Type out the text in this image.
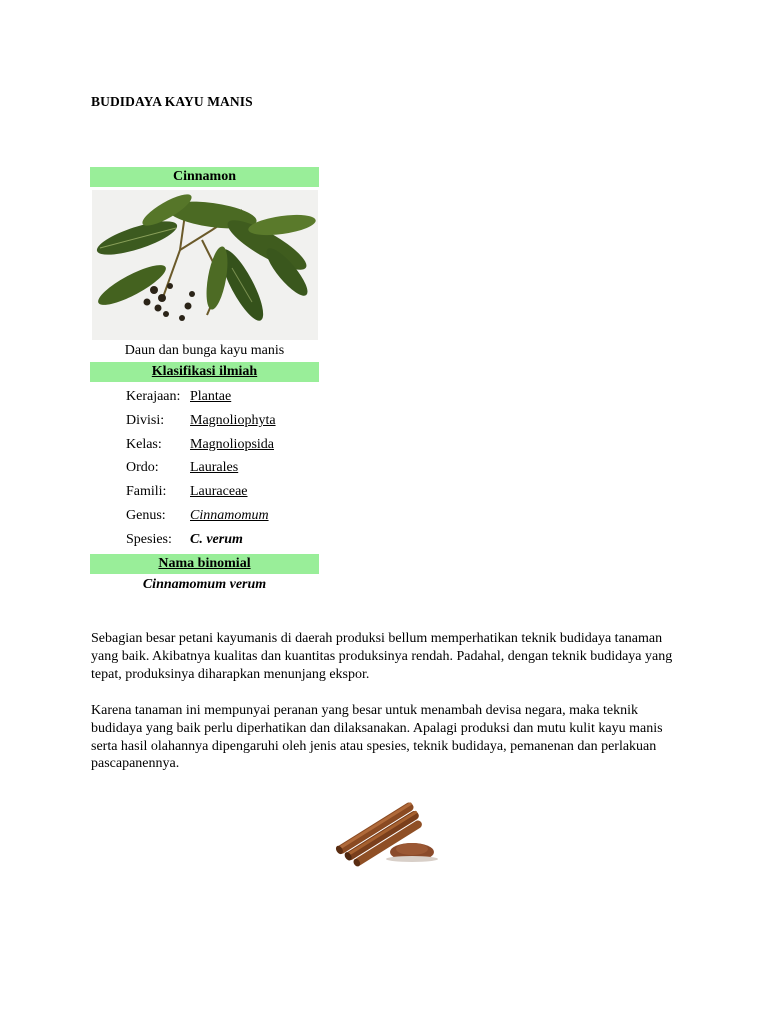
BUDIDAYA KAYU MANIS
Cinnamon
Daun dan bunga kayu manis
Klasifikasi ilmiah
Kerajaan: Plantae
Divisi:	Magnoliophyta
Kelas:	Magnoliopsida
Ordo:	Laurales
Famili:	Lauraceae
Genus:	Cinnamomum
Spesies:	C. verum
Nama binomial
Cinnamomum verum
Sebagian besar petani kayumanis di daerah produksi bellum memperhatikan teknik budidaya tanaman yang baik. Akibatnya kualitas dan kuantitas produksinya rendah. Padahal, dengan teknik budidaya yang tepat, produksinya diharapkan menunjang ekspor.
Karena tanaman ini mempunyai peranan yang besar untuk menambah devisa negara, maka teknik budidaya yang baik perlu diperhatikan dan dilaksanakan. Apalagi produksi dan mutu kulit kayu manis serta hasil olahannya dipengaruhi oleh jenis atau spesies, teknik budidaya, pemanenan dan perlakuan pascapanennya.
